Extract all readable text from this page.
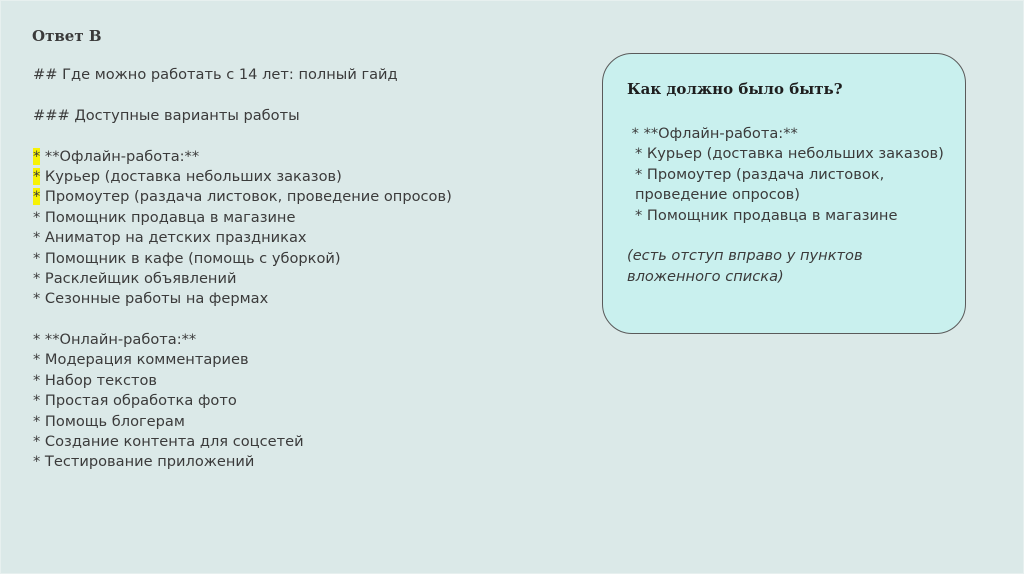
Ответ В
## Где можно работать с 14 лет: полный гайд
### Доступные варианты работы
* **Офлайн-работа:**
* Курьер (доставка небольших заказов)
* Промоутер (раздача листовок, проведение опросов)
* Помощник продавца в магазине
* Аниматор на детских праздниках
* Помощник в кафе (помощь с уборкой)
* Расклейщик объявлений
* Сезонные работы на фермах
* **Онлайн-работа:**
* Модерация комментариев
* Набор текстов
* Простая обработка фото
* Помощь блогерам
* Создание контента для соцсетей
* Тестирование приложений
Как должно было быть?
* **Офлайн-работа:**
* Курьер (доставка небольших заказов)
* Промоутер (раздача листовок, проведение опросов)
* Помощник продавца в магазине
(есть отступ вправо у пунктов вложенного списка)
